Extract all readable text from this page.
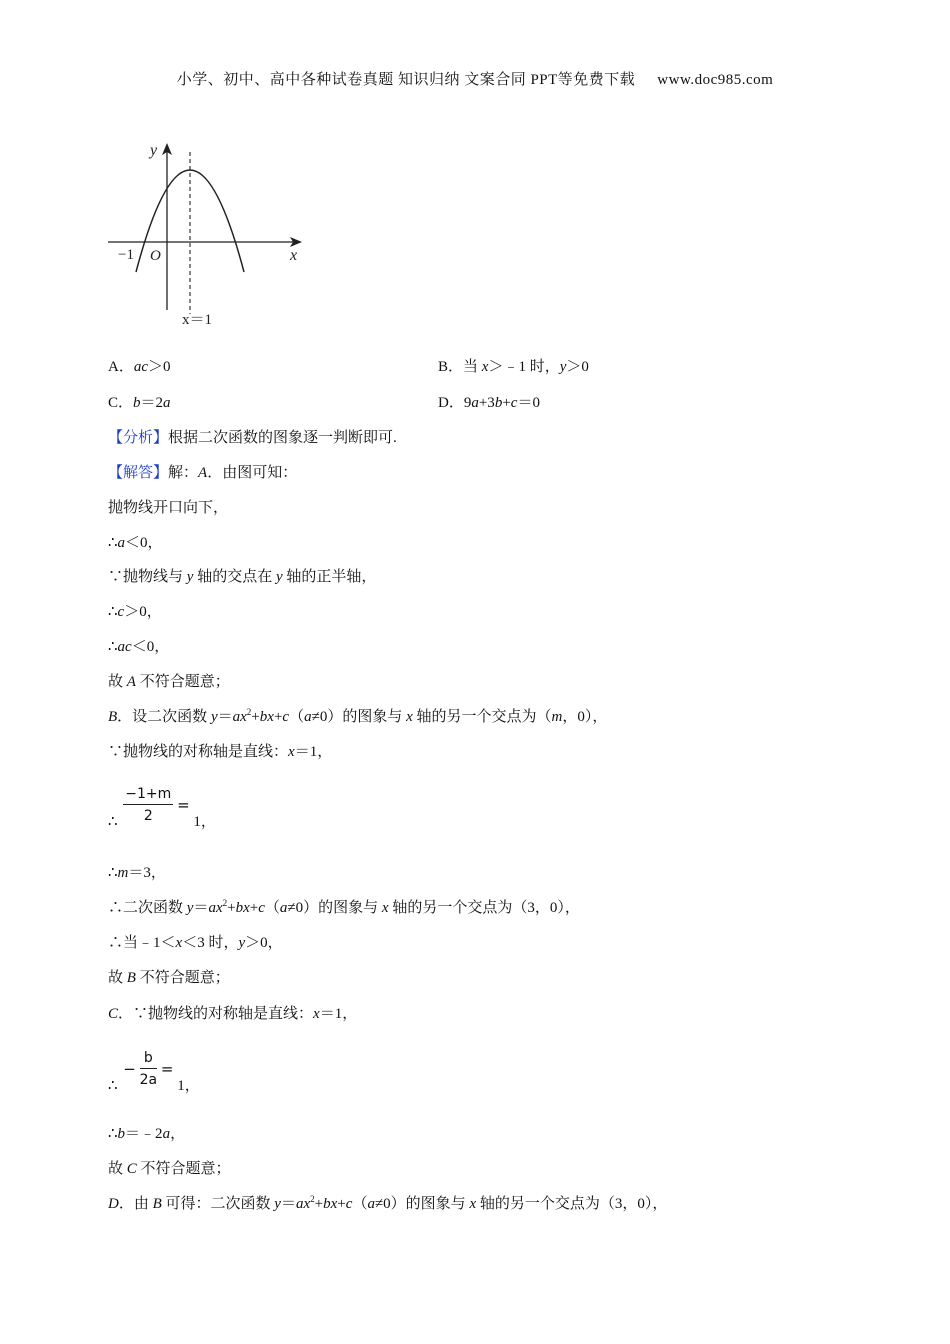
小学、初中、高中各种试卷真题 知识归纳 文案合同 PPT等免费下载 www.doc985.com
y
x
−1 O
x＝1
A．ac＞0	B．当 x＞﹣1 时，y＞0
C．b＝2a	D．9a+3b+c＝0
【分析】根据二次函数的图象逐一判断即可.
【解答】解：A．由图可知：
抛物线开口向下，
∴a＜0，
∵抛物线与 y 轴的交点在 y 轴的正半轴，
∴c＞0，
∴ac＜0，
故 A 不符合题意；
B．设二次函数 $y=ax^2+bx+c(a\ne 0)$的图象与 x 轴的另一个交点为（m，0），
∵抛物线的对称轴是直线：x＝1，
∴ $\frac{-1+m}{2} = 1$，
∴m＝3，
∴二次函数 $y=ax^2+bx+c(a\ne 0)$的图象与 x 轴的另一个交点为（3，0），
∴当﹣1＜x＜3 时，y＞0，
故 B 不符合题意；
C．∵抛物线的对称轴是直线：x＝1，
∴ − $\frac{b}{2a} = 1$，
∴b＝﹣2a，
故 C 不符合题意；
D．由 B 可得：二次函数 $y=ax^2+bx+c(a\ne 0)$的图象与 x 轴的另一个交点为（3，0），
